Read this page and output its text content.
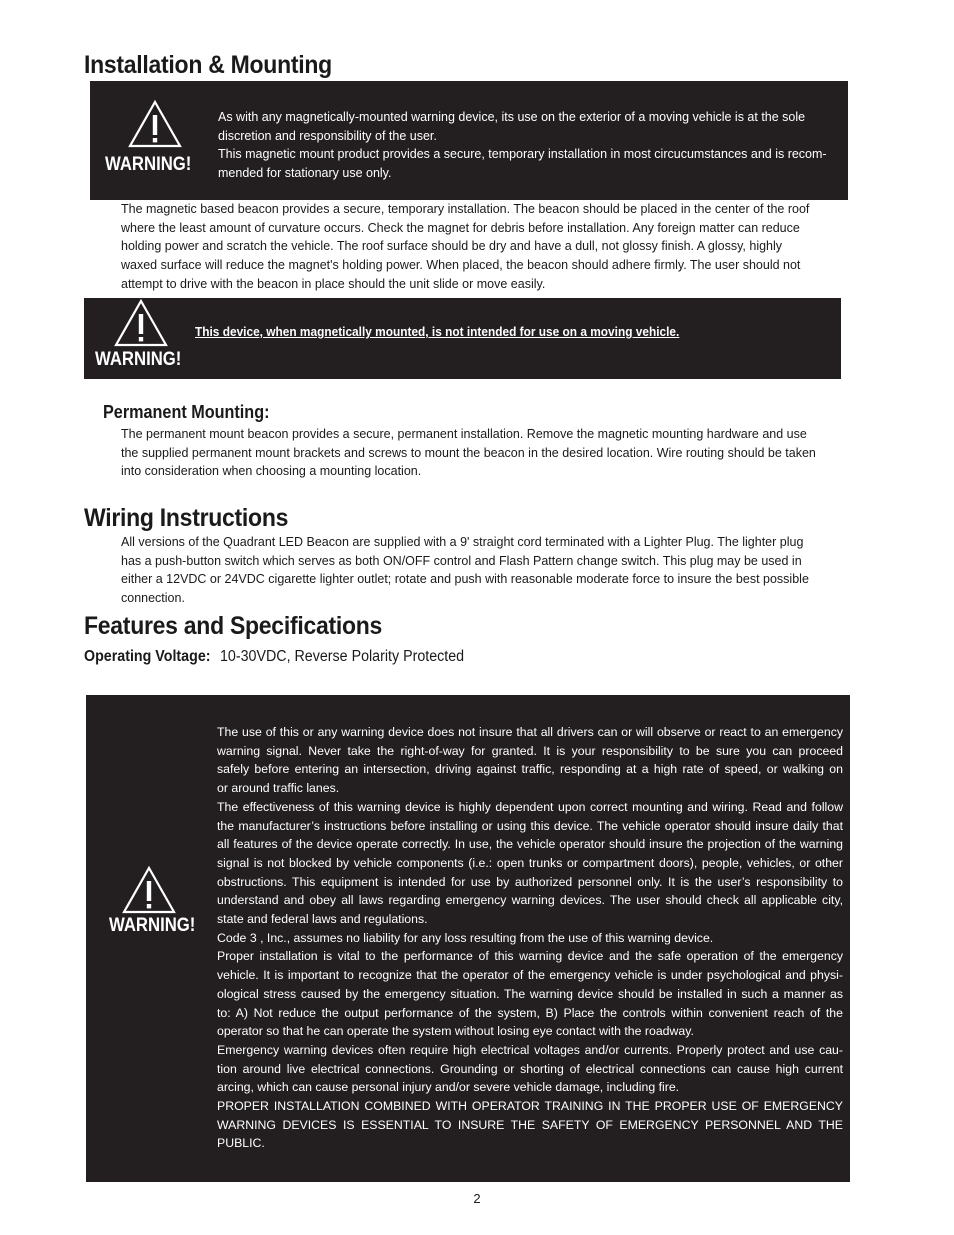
Installation & Mounting
WARNING!
As with any magnetically-mounted warning device, its use on the exterior of a moving vehicle is at the sole
discretion and responsibility of the user.
This magnetic mount product provides a secure, temporary installation in most circucumstances and is recom-
mended for stationary use only.
The magnetic based beacon provides a secure, temporary installation. The beacon should be placed in the center of the roof
where the least amount of curvature occurs. Check the magnet for debris before installation. Any foreign matter can reduce
holding power and scratch the vehicle. The roof surface should be dry and have a dull, not glossy finish. A glossy, highly
waxed surface will reduce the magnet's holding power. When placed, the beacon should adhere firmly. The user should not
attempt to drive with the beacon in place should the unit slide or move easily.
WARNING!
This device, when magnetically mounted, is not intended for use on a moving vehicle.
Permanent Mounting:
The permanent mount beacon provides a secure, permanent installation. Remove the magnetic mounting hardware and use
the supplied permanent mount brackets and screws to mount the beacon in the desired location. Wire routing should be taken
into consideration when choosing a mounting location.
Wiring Instructions
All versions of the Quadrant LED Beacon are supplied with a 9' straight cord terminated with a Lighter Plug. The lighter plug
has a push-button switch which serves as both ON/OFF control and Flash Pattern change switch. This plug may be used in
either a 12VDC or 24VDC cigarette lighter outlet; rotate and push with reasonable moderate force to insure the best possible
connection.
Features and Specifications
Operating Voltage: 10-30VDC, Reverse Polarity Protected
WARNING!
The use of this or any warning device does not insure that all drivers can or will observe or react to an emergency
warning signal. Never take the right-of-way for granted. It is your responsibility to be sure you can proceed
safely before entering an intersection, driving against traffic, responding at a high rate of speed, or walking on
or around traffic lanes.
The effectiveness of this warning device is highly dependent upon correct mounting and wiring. Read and follow
the manufacturer’s instructions before installing or using this device. The vehicle operator should insure daily that
all features of the device operate correctly. In use, the vehicle operator should insure the projection of the warning
signal is not blocked by vehicle components (i.e.: open trunks or compartment doors), people, vehicles, or other
obstructions. This equipment is intended for use by authorized personnel only. It is the user’s responsibility to
understand and obey all laws regarding emergency warning devices. The user should check all applicable city,
state and federal laws and regulations.
Code 3 , Inc., assumes no liability for any loss resulting from the use of this warning device.
Proper installation is vital to the performance of this warning device and the safe operation of the emergency
vehicle. It is important to recognize that the operator of the emergency vehicle is under psychological and physi-
ological stress caused by the emergency situation. The warning device should be installed in such a manner as
to: A) Not reduce the output performance of the system, B) Place the controls within convenient reach of the
operator so that he can operate the system without losing eye contact with the roadway.
Emergency warning devices often require high electrical voltages and/or currents. Properly protect and use cau-
tion around live electrical connections. Grounding or shorting of electrical connections can cause high current
arcing, which can cause personal injury and/or severe vehicle damage, including fire.
PROPER INSTALLATION COMBINED WITH OPERATOR TRAINING IN THE PROPER USE OF EMERGENCY
WARNING DEVICES IS ESSENTIAL TO INSURE THE SAFETY OF EMERGENCY PERSONNEL AND THE
PUBLIC.
2
